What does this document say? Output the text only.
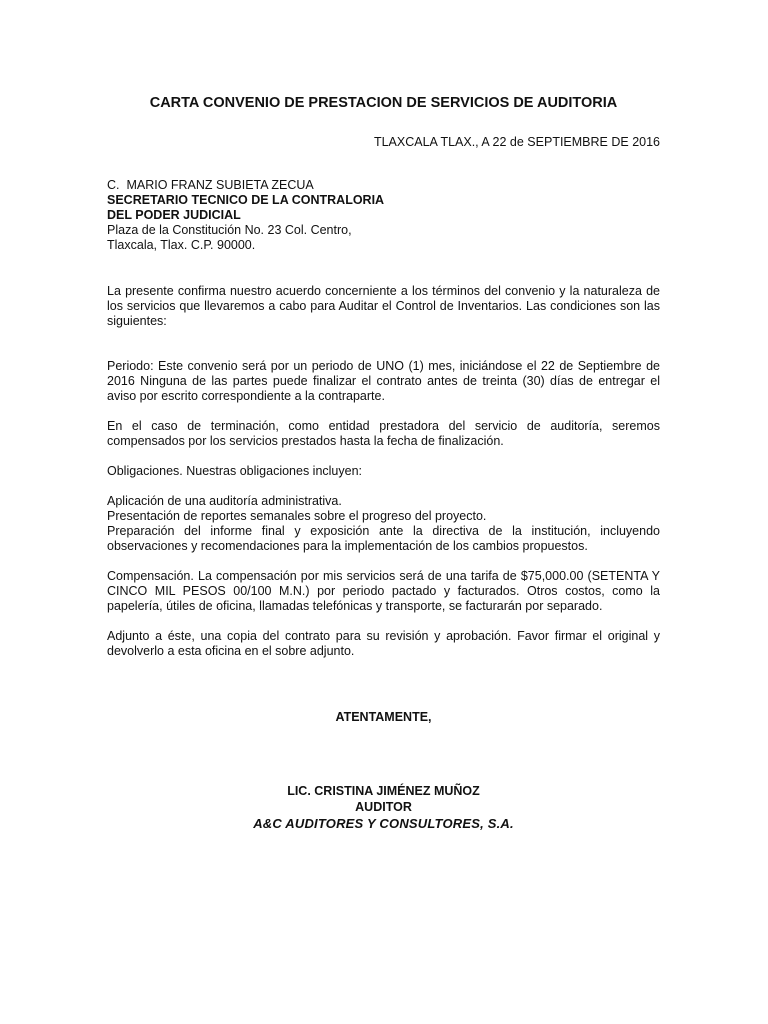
CARTA CONVENIO DE PRESTACION DE SERVICIOS DE AUDITORIA
TLAXCALA TLAX., A 22 de SEPTIEMBRE DE 2016
C.  MARIO FRANZ SUBIETA ZECUA
SECRETARIO TECNICO DE LA CONTRALORIA
DEL PODER JUDICIAL
Plaza de la Constitución No. 23 Col. Centro,
Tlaxcala, Tlax. C.P. 90000.

La presente confirma nuestro acuerdo concerniente a los términos del convenio y la naturaleza de los servicios que llevaremos a cabo para Auditar el Control de Inventarios. Las condiciones son las siguientes:

Periodo: Este convenio será por un periodo de UNO (1) mes, iniciándose el 22 de Septiembre de 2016 Ninguna de las partes puede finalizar el contrato antes de treinta (30) días de entregar el aviso por escrito correspondiente a la contraparte.

En el caso de terminación, como entidad prestadora del servicio de auditoría, seremos compensados por los servicios prestados hasta la fecha de finalización.

Obligaciones. Nuestras obligaciones incluyen:

Aplicación de una auditoría administrativa.

Presentación de reportes semanales sobre el progreso del proyecto.

Preparación del informe final y exposición ante la directiva de la institución, incluyendo observaciones y recomendaciones para la implementación de los cambios propuestos.

Compensación. La compensación por mis servicios será de una tarifa de $75,000.00 (SETENTA Y CINCO MIL PESOS 00/100 M.N.) por periodo pactado y facturados. Otros costos, como la papelería, útiles de oficina, llamadas telefónicas y transporte, se facturarán por separado.

Adjunto a éste, una copia del contrato para su revisión y aprobación. Favor firmar el original y devolverlo a esta oficina en el sobre adjunto.

ATENTAMENTE,
LIC. CRISTINA JIMÉNEZ MUÑOZ
AUDITOR
A&C AUDITORES Y CONSULTORES, S.A.
